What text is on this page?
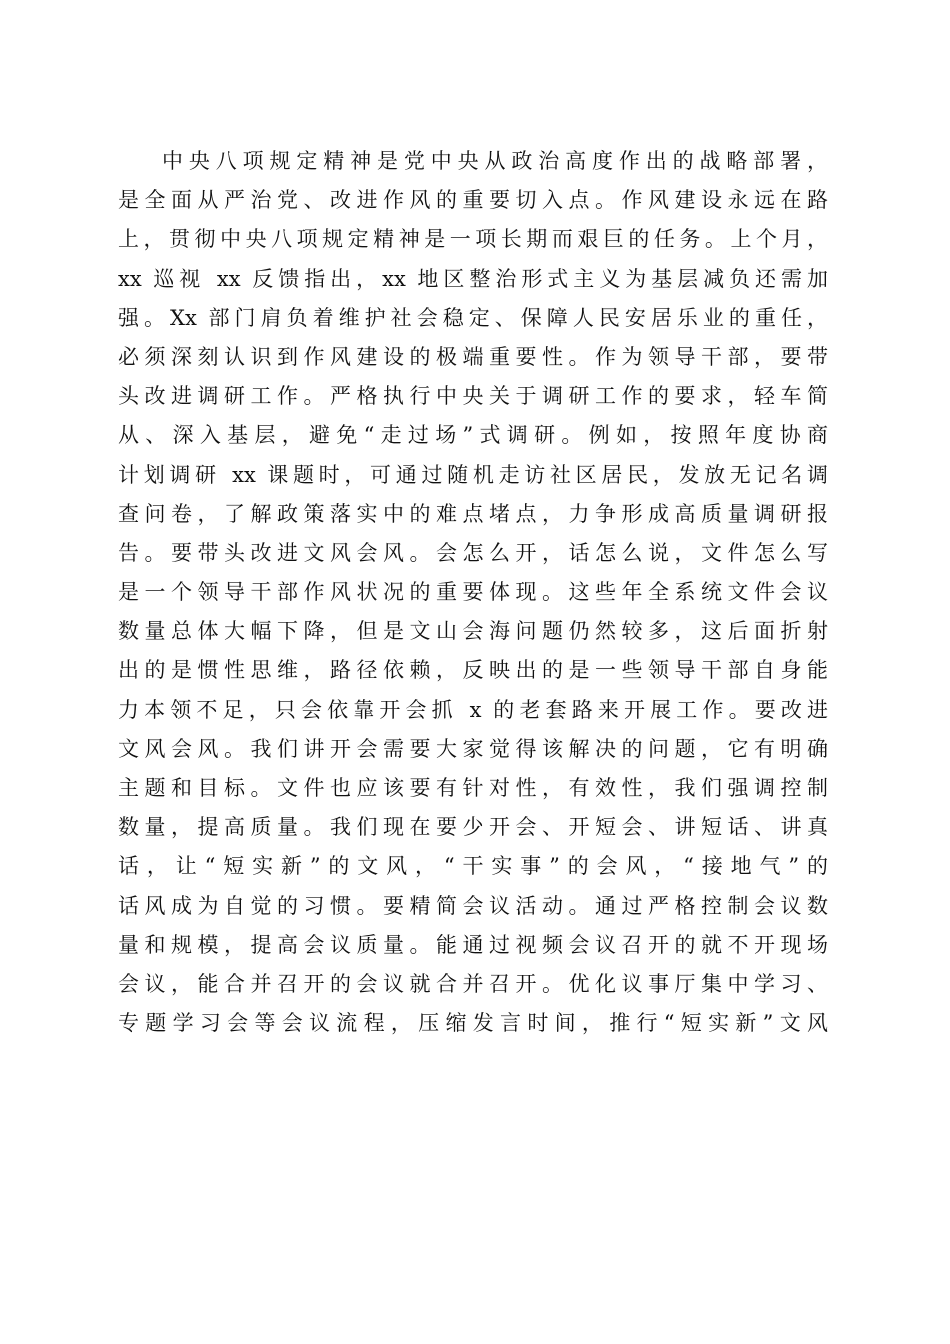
中央八项规定精神是党中央从政治高度作出的战略部署，
是全面从严治党、改进作风的重要切入点。作风建设永远在路
上，贯彻中央八项规定精神是一项长期而艰巨的任务。上个月，
xx 巡视 xx 反馈指出，xx 地区整治形式主义为基层减负还需加
强。Xx 部门肩负着维护社会稳定、保障人民安居乐业的重任，
必须深刻认识到作风建设的极端重要性。作为领导干部，要带
头改进调研工作。严格执行中央关于调研工作的要求，轻车简
从、深入基层，避免“走过场”式调研。例如，按照年度协商
计划调研 xx 课题时，可通过随机走访社区居民，发放无记名调
查问卷，了解政策落实中的难点堵点，力争形成高质量调研报
告。要带头改进文风会风。会怎么开，话怎么说，文件怎么写
是一个领导干部作风状况的重要体现。这些年全系统文件会议
数量总体大幅下降，但是文山会海问题仍然较多，这后面折射
出的是惯性思维，路径依赖，反映出的是一些领导干部自身能
力本领不足，只会依靠开会抓 x 的老套路来开展工作。要改进
文风会风。我们讲开会需要大家觉得该解决的问题，它有明确
主题和目标。文件也应该要有针对性，有效性，我们强调控制
数量，提高质量。我们现在要少开会、开短会、讲短话、讲真
话，让“短实新”的文风，“干实事”的会风，“接地气”的
话风成为自觉的习惯。要精简会议活动。通过严格控制会议数
量和规模，提高会议质量。能通过视频会议召开的就不开现场
会议，能合并召开的会议就合并召开。优化议事厅集中学习、
专题学习会等会议流程，压缩发言时间，推行“短实新”文风
